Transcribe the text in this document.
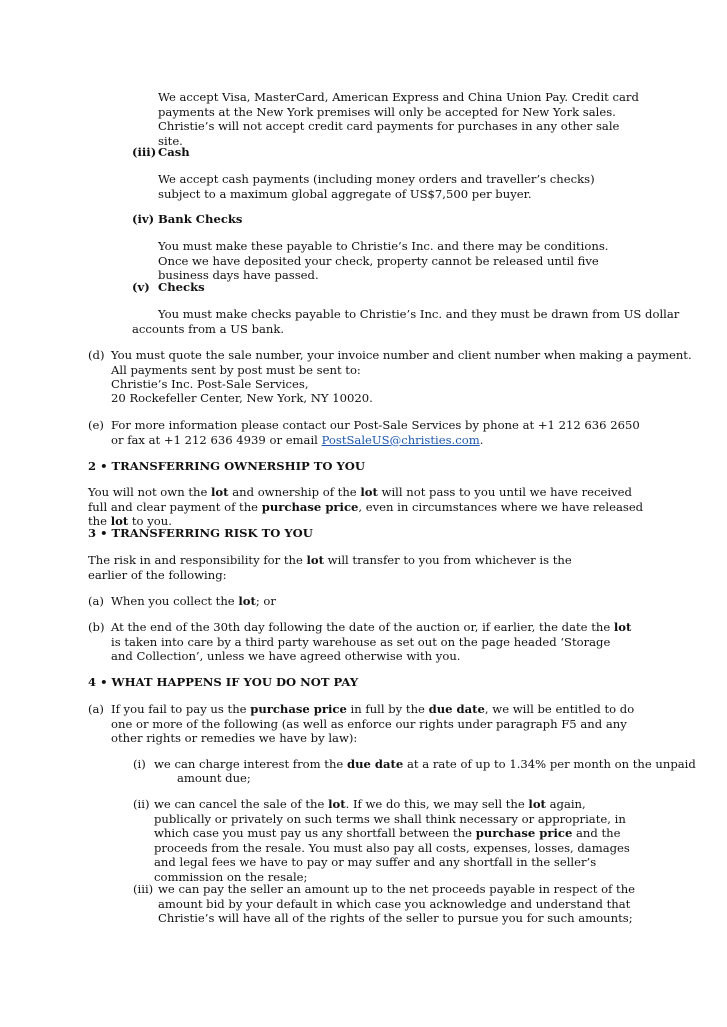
We accept Visa, MasterCard, American Express and China Union Pay. Credit card payments at the New York premises will only be accepted for New York sales. Christie’s will not accept credit card payments for purchases in any other sale site.

(iii) Cash

We accept cash payments (including money orders and traveller’s checks) subject to a maximum global aggregate of US$7,500 per buyer.

(iv) Bank Checks

You must make these payable to Christie’s Inc. and there may be conditions. Once we have deposited your check, property cannot be released until five business days have passed.

(v) Checks
You must make checks payable to Christie’s Inc. and they must be drawn from US dollar
accounts from a US bank.
(d) You must quote the sale number, your invoice number and client number when making a payment.
All payments sent by post must be sent to:
Christie’s Inc. Post-Sale Services,
20 Rockefeller Center, New York, NY 10020.
(e) For more information please contact our Post-Sale Services by phone at +1 212 636 2650 or fax at +1 212 636 4939 or email PostSaleUS@christies.com.

2 • TRANSFERRING OWNERSHIP TO YOU

You will not own the lot and ownership of the lot will not pass to you until we have received full and clear payment of the purchase price, even in circumstances where we have released the lot to you.

3 • TRANSFERRING RISK TO YOU

The risk in and responsibility for the lot will transfer to you from whichever is the earlier of the following:

(a) When you collect the lot; or

(b) At the end of the 30th day following the date of the auction or, if earlier, the date the lot is taken into care by a third party warehouse as set out on the page headed ‘Storage and Collection’, unless we have agreed otherwise with you.

4 • WHAT HAPPENS IF YOU DO NOT PAY
(a) If you fail to pay us the purchase price in full by the due date, we will be entitled to do one or more of the following (as well as enforce our rights under paragraph F5 and any other rights or remedies we have by law):

(i) we can charge interest from the due date at a rate of up to 1.34% per month on the unpaid
amount due;
(ii) we can cancel the sale of the lot. If we do this, we may sell the lot again, publically or privately on such terms we shall think necessary or appropriate, in which case you must pay us any shortfall between the purchase price and the proceeds from the resale. You must also pay all costs, expenses, losses, damages and legal fees we have to pay or may suffer and any shortfall in the seller’s commission on the resale;

(iii) we can pay the seller an amount up to the net proceeds payable in respect of the amount bid by your default in which case you acknowledge and understand that Christie’s will have all of the rights of the seller to pursue you for such amounts;
